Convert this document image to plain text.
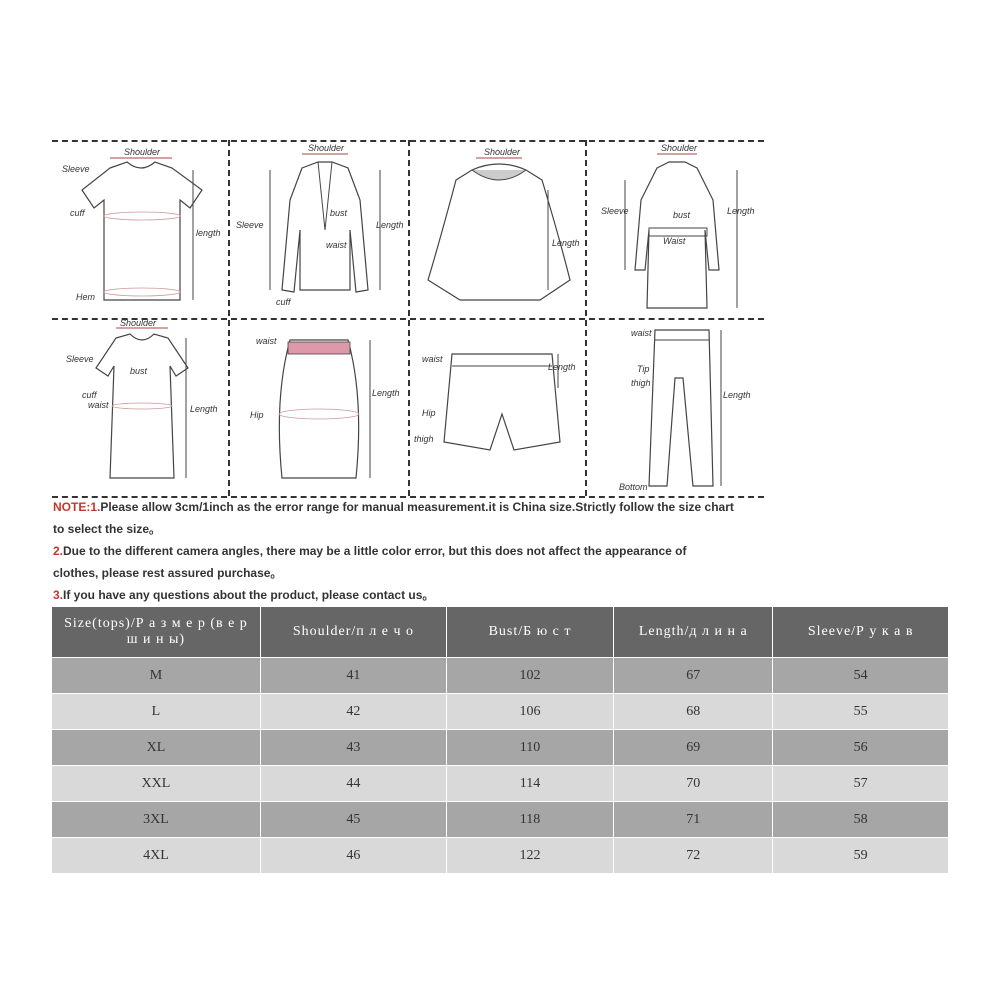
Shoulder
Sleeve
cuff
length
Hem
Shoulder
Sleeve
bust
waist
Length
cuff
Shoulder
Length
Shoulder
Sleeve	bust
Waist
Length
Shoulder
Sleeve
bust
cuff
waist	Length
waist
Length
Hip
waist
Length
Hip
thigh
waist
Tip
thigh
Length
Bottom
NOTE:1.Please allow 3cm/1inch as the error range for manual measurement.it is China size.Strictly follow the size chart
to select the size。
2.Due to the different camera angles, there may be a little color error, but this does not affect the appearance of
clothes, please rest assured purchase。
3.If you have any questions about the product, please contact us。
Size(tops)/Р а з м е р (в е р ш и н ы)	Shoulder/п л е ч о	Bust/Б ю с т	Length/д л и н а	Sleeve/Р у к а в
M	41	102	67	54
L	42	106	68	55
XL	43	110	69	56
XXL	44	114	70	57
3XL	45	118	71	58
4XL	46	122	72	59
